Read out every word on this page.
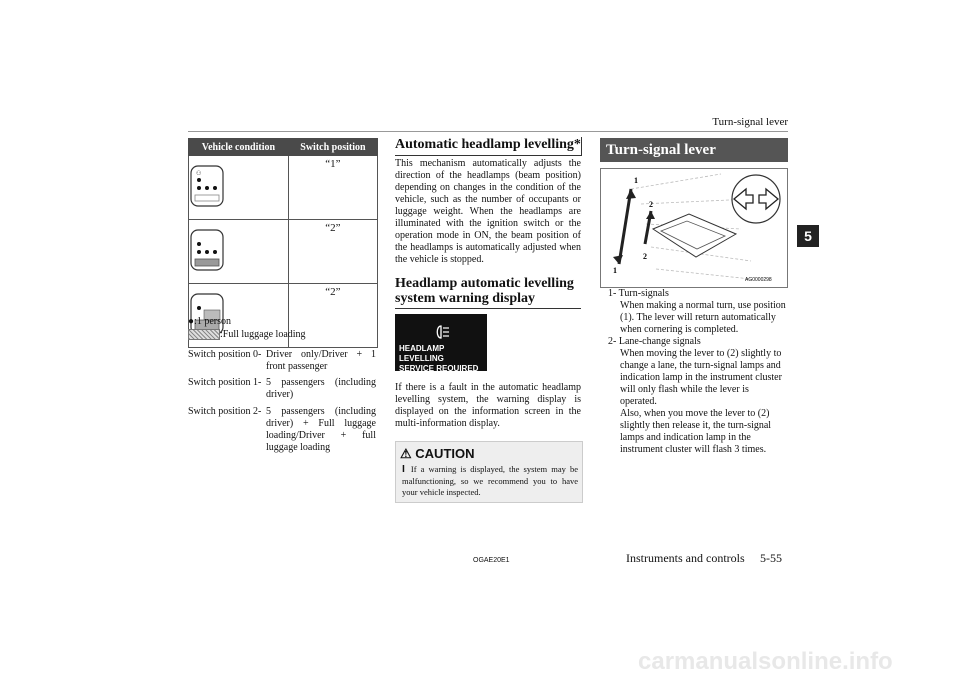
Turn-signal lever
5
Vehicle condition	Switch position

⚇	“1”
	“2”
	“2”
●:1 person
:Full luggage loading
Switch position 0- Driver only/Driver + 1 front passenger
Switch position 1- 5 passengers (including driver)
Switch position 2- 5 passengers (including driver) + Full luggage loading/Driver + full luggage loading
Automatic headlamp levelling*
This mechanism automatically adjusts the direction of the headlamps (beam position) depending on changes in the condition of the vehicle, such as the number of occupants or luggage weight. When the headlamps are illuminated with the ignition switch or the operation mode in ON, the beam position of the headlamps is automatically adjusted when the vehicle is stopped.
Headlamp automatic levelling system warning display
HEADLAMP LEVELLING
SERVICE REQUIRED
If there is a fault in the automatic headlamp levelling system, the warning display is displayed on the information screen in the multi-information display.
⚠ CAUTION
l If a warning is displayed, the system may be malfunctioning, so we recommend you to have your vehicle inspected.
Turn-signal lever
1
2
1
2
AG0000298
1- Turn-signals
When making a normal turn, use position (1). The lever will return automatically when cornering is completed.
2- Lane-change signals
When moving the lever to (2) slightly to change a lane, the turn-signal lamps and indication lamp in the instrument cluster will only flash while the lever is operated.
Also, when you move the lever to (2) slightly then release it, the turn-signal lamps and indication lamp in the instrument cluster will flash 3 times.
OGAE20E1	Instruments and controls 5-55
carmanualsonline.info
